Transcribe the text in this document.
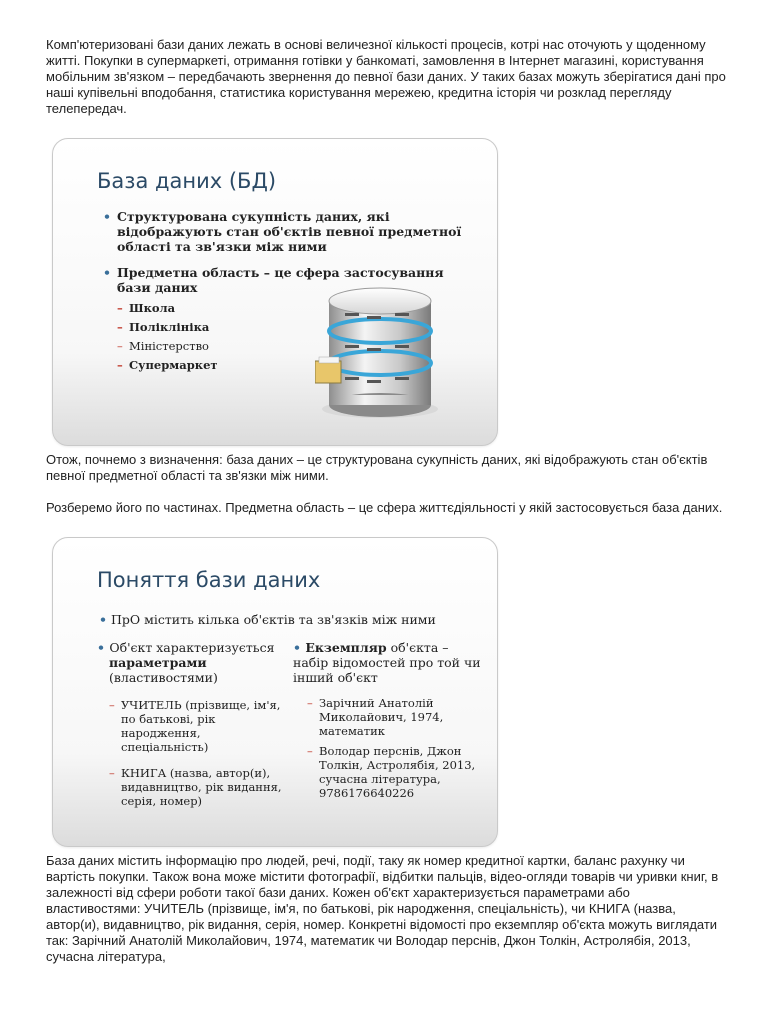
Комп'ютеризовані бази даних лежать в основі величезної кількості процесів, котрі нас оточують у щоденному житті. Покупки в супермаркеті, отримання готівки у банкоматі, замовлення в Інтернет магазині, користування мобільним зв'язком – передбачають звернення до певної бази даних. У таких базах можуть зберігатися дані про наші купівельні вподобання, статистика користування мережею, кредитна історія чи розклад перегляду телепередач.

База даних (БД)
• Структурована сукупність даних, які відображують стан об'єктів певної предметної області та зв'язки між ними
• Предметна область – це сфера застосування бази даних
– Школа
– Поліклініка
– Міністерство
– Супермаркет

Отож, почнемо з визначення: база даних – це структурована сукупність даних, які відображують стан об'єктів певної предметної області та зв'язки між ними.

Розберемо його по частинах. Предметна область – це сфера життєдіяльності у якій застосовується база даних.

Поняття бази даних
• ПрО містить кілька об'єктів та зв'язків між ними
• Об'єкт характеризується
параметрами
(властивостями)
– УЧИТЕЛЬ (прізвище, ім'я, по батькові, рік народження, спеціальність)
– КНИГА (назва, автор(и), видавництво, рік видання, серія, номер)
• Екземпляр об'єкта – набір відомостей про той чи інший об'єкт
– Зарічний Анатолій Миколайович, 1974, математик
– Володар перснів, Джон Толкін, Астролябія, 2013, сучасна література, 9786176640226

База даних містить інформацію про людей, речі, події, таку як номер кредитної картки, баланс рахунку чи вартість покупки. Також вона може містити фотографії, відбитки пальців, відео-огляди товарів чи уривки книг, в залежності від сфери роботи такої бази даних. Кожен об'єкт характеризується параметрами або властивостями: УЧИТЕЛЬ (прізвище, ім'я, по батькові, рік народження, спеціальність), чи КНИГА (назва, автор(и), видавництво, рік видання, серія, номер. Конкретні відомості про екземпляр об'єкта можуть виглядати так: Зарічний Анатолій Миколайович, 1974, математик чи Володар перснів, Джон Толкін, Астролябія, 2013, сучасна література,
